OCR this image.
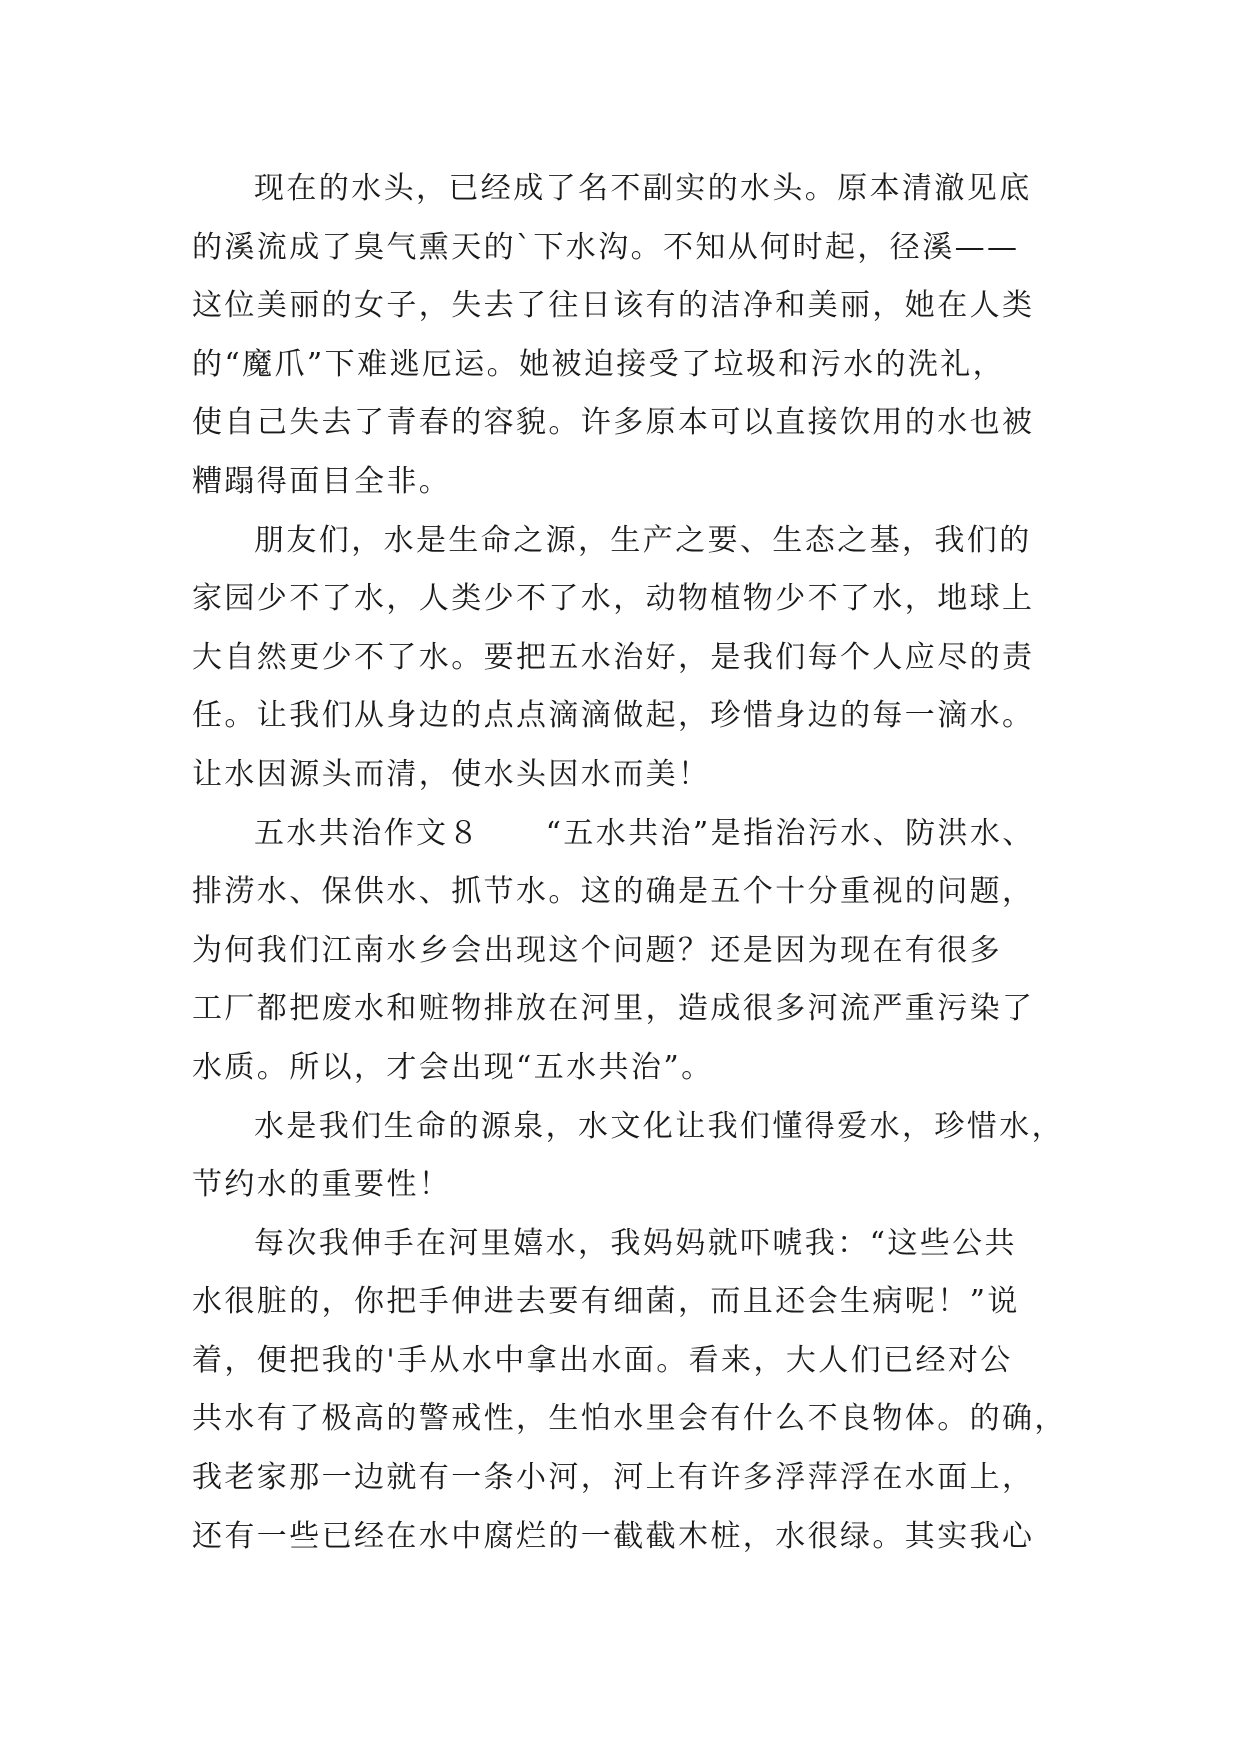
现在的水头，已经成了名不副实的水头。原本清澈见底
的溪流成了臭气熏天的`下水沟。不知从何时起，径溪——
这位美丽的女子，失去了往日该有的洁净和美丽，她在人类
的“魔爪”下难逃厄运。她被迫接受了垃圾和污水的洗礼，
使自己失去了青春的容貌。许多原本可以直接饮用的水也被
糟蹋得面目全非。
朋友们，水是生命之源，生产之要、生态之基，我们的
家园少不了水，人类少不了水，动物植物少不了水，地球上
大自然更少不了水。要把五水治好，是我们每个人应尽的责
任。让我们从身边的点点滴滴做起，珍惜身边的每一滴水。
让水因源头而清，使水头因水而美！
五水共治作文８　　“五水共治”是指治污水、防洪水、
排涝水、保供水、抓节水。这的确是五个十分重视的问题，
为何我们江南水乡会出现这个问题？还是因为现在有很多
工厂都把废水和赃物排放在河里，造成很多河流严重污染了
水质。所以，才会出现“五水共治”。
水是我们生命的源泉，水文化让我们懂得爱水，珍惜水，
节约水的重要性！
每次我伸手在河里嬉水，我妈妈就吓唬我：“这些公共
水很脏的，你把手伸进去要有细菌，而且还会生病呢！”说
着，便把我的'手从水中拿出水面。看来，大人们已经对公
共水有了极高的警戒性，生怕水里会有什么不良物体。的确，
我老家那一边就有一条小河，河上有许多浮萍浮在水面上，
还有一些已经在水中腐烂的一截截木桩，水很绿。其实我心
